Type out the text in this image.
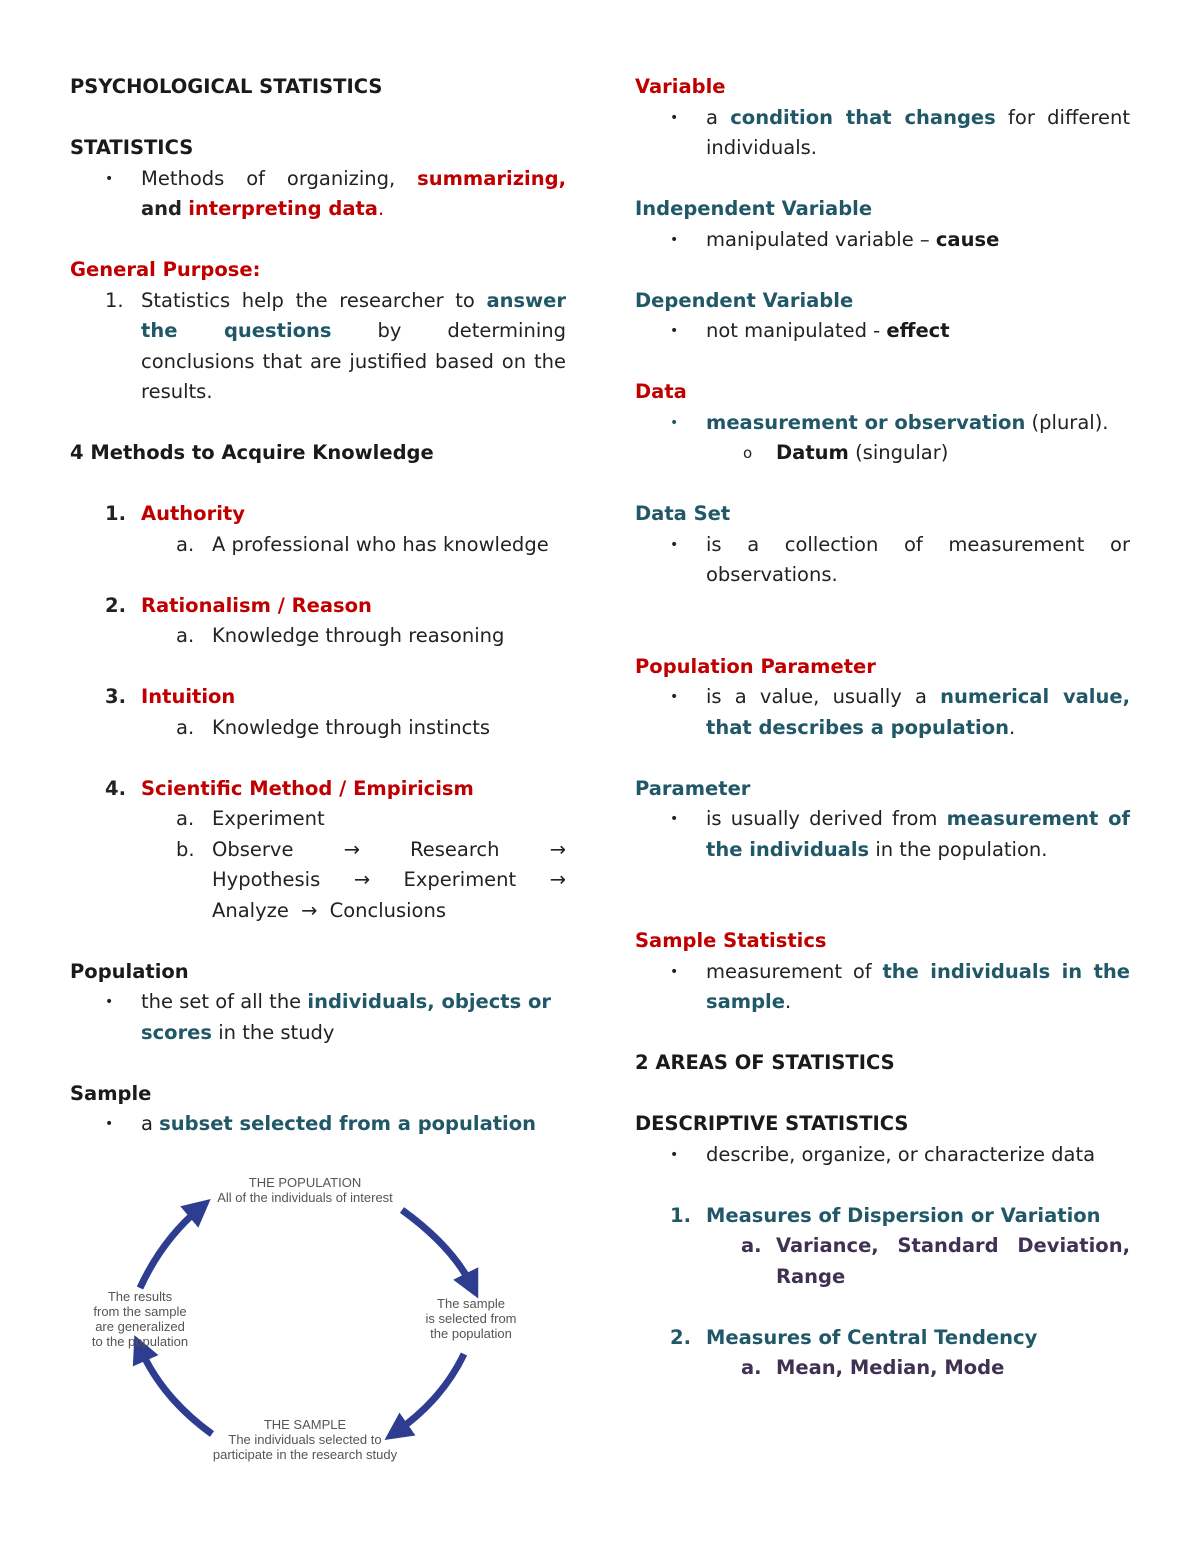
PSYCHOLOGICAL STATISTICS
STATISTICS
• Methods of organizing, summarizing, and interpreting data.
General Purpose:
1. Statistics help the researcher to answer the questions by determining conclusions that are justified based on the results.
4 Methods to Acquire Knowledge
1. Authority
a. A professional who has knowledge
2. Rationalism / Reason
a. Knowledge through reasoning
3. Intuition
a. Knowledge through instincts
4. Scientific Method / Empiricism
a. Experiment
b. Observe → Research → Hypothesis → Experiment → Analyze → Conclusions
Population
• the set of all the individuals, objects or scores in the study
Sample
• a subset selected from a population
THE POPULATION
All of the individuals of interest
The sample
is selected from
the population
THE SAMPLE
The individuals selected to
participate in the research study
The results
from the sample
are generalized
to the population
Variable
• a condition that changes for different individuals.
Independent Variable
• manipulated variable – cause
Dependent Variable
• not manipulated - effect
Data
• measurement or observation (plural).
o Datum (singular)
Data Set
• is a collection of measurement or observations.
Population Parameter
• is a value, usually a numerical value, that describes a population.
Parameter
• is usually derived from measurement of the individuals in the population.
Sample Statistics
• measurement of the individuals in the sample.
2 AREAS OF STATISTICS
DESCRIPTIVE STATISTICS
• describe, organize, or characterize data
1. Measures of Dispersion or Variation
a. Variance, Standard Deviation, Range
2. Measures of Central Tendency
a. Mean, Median, Mode
